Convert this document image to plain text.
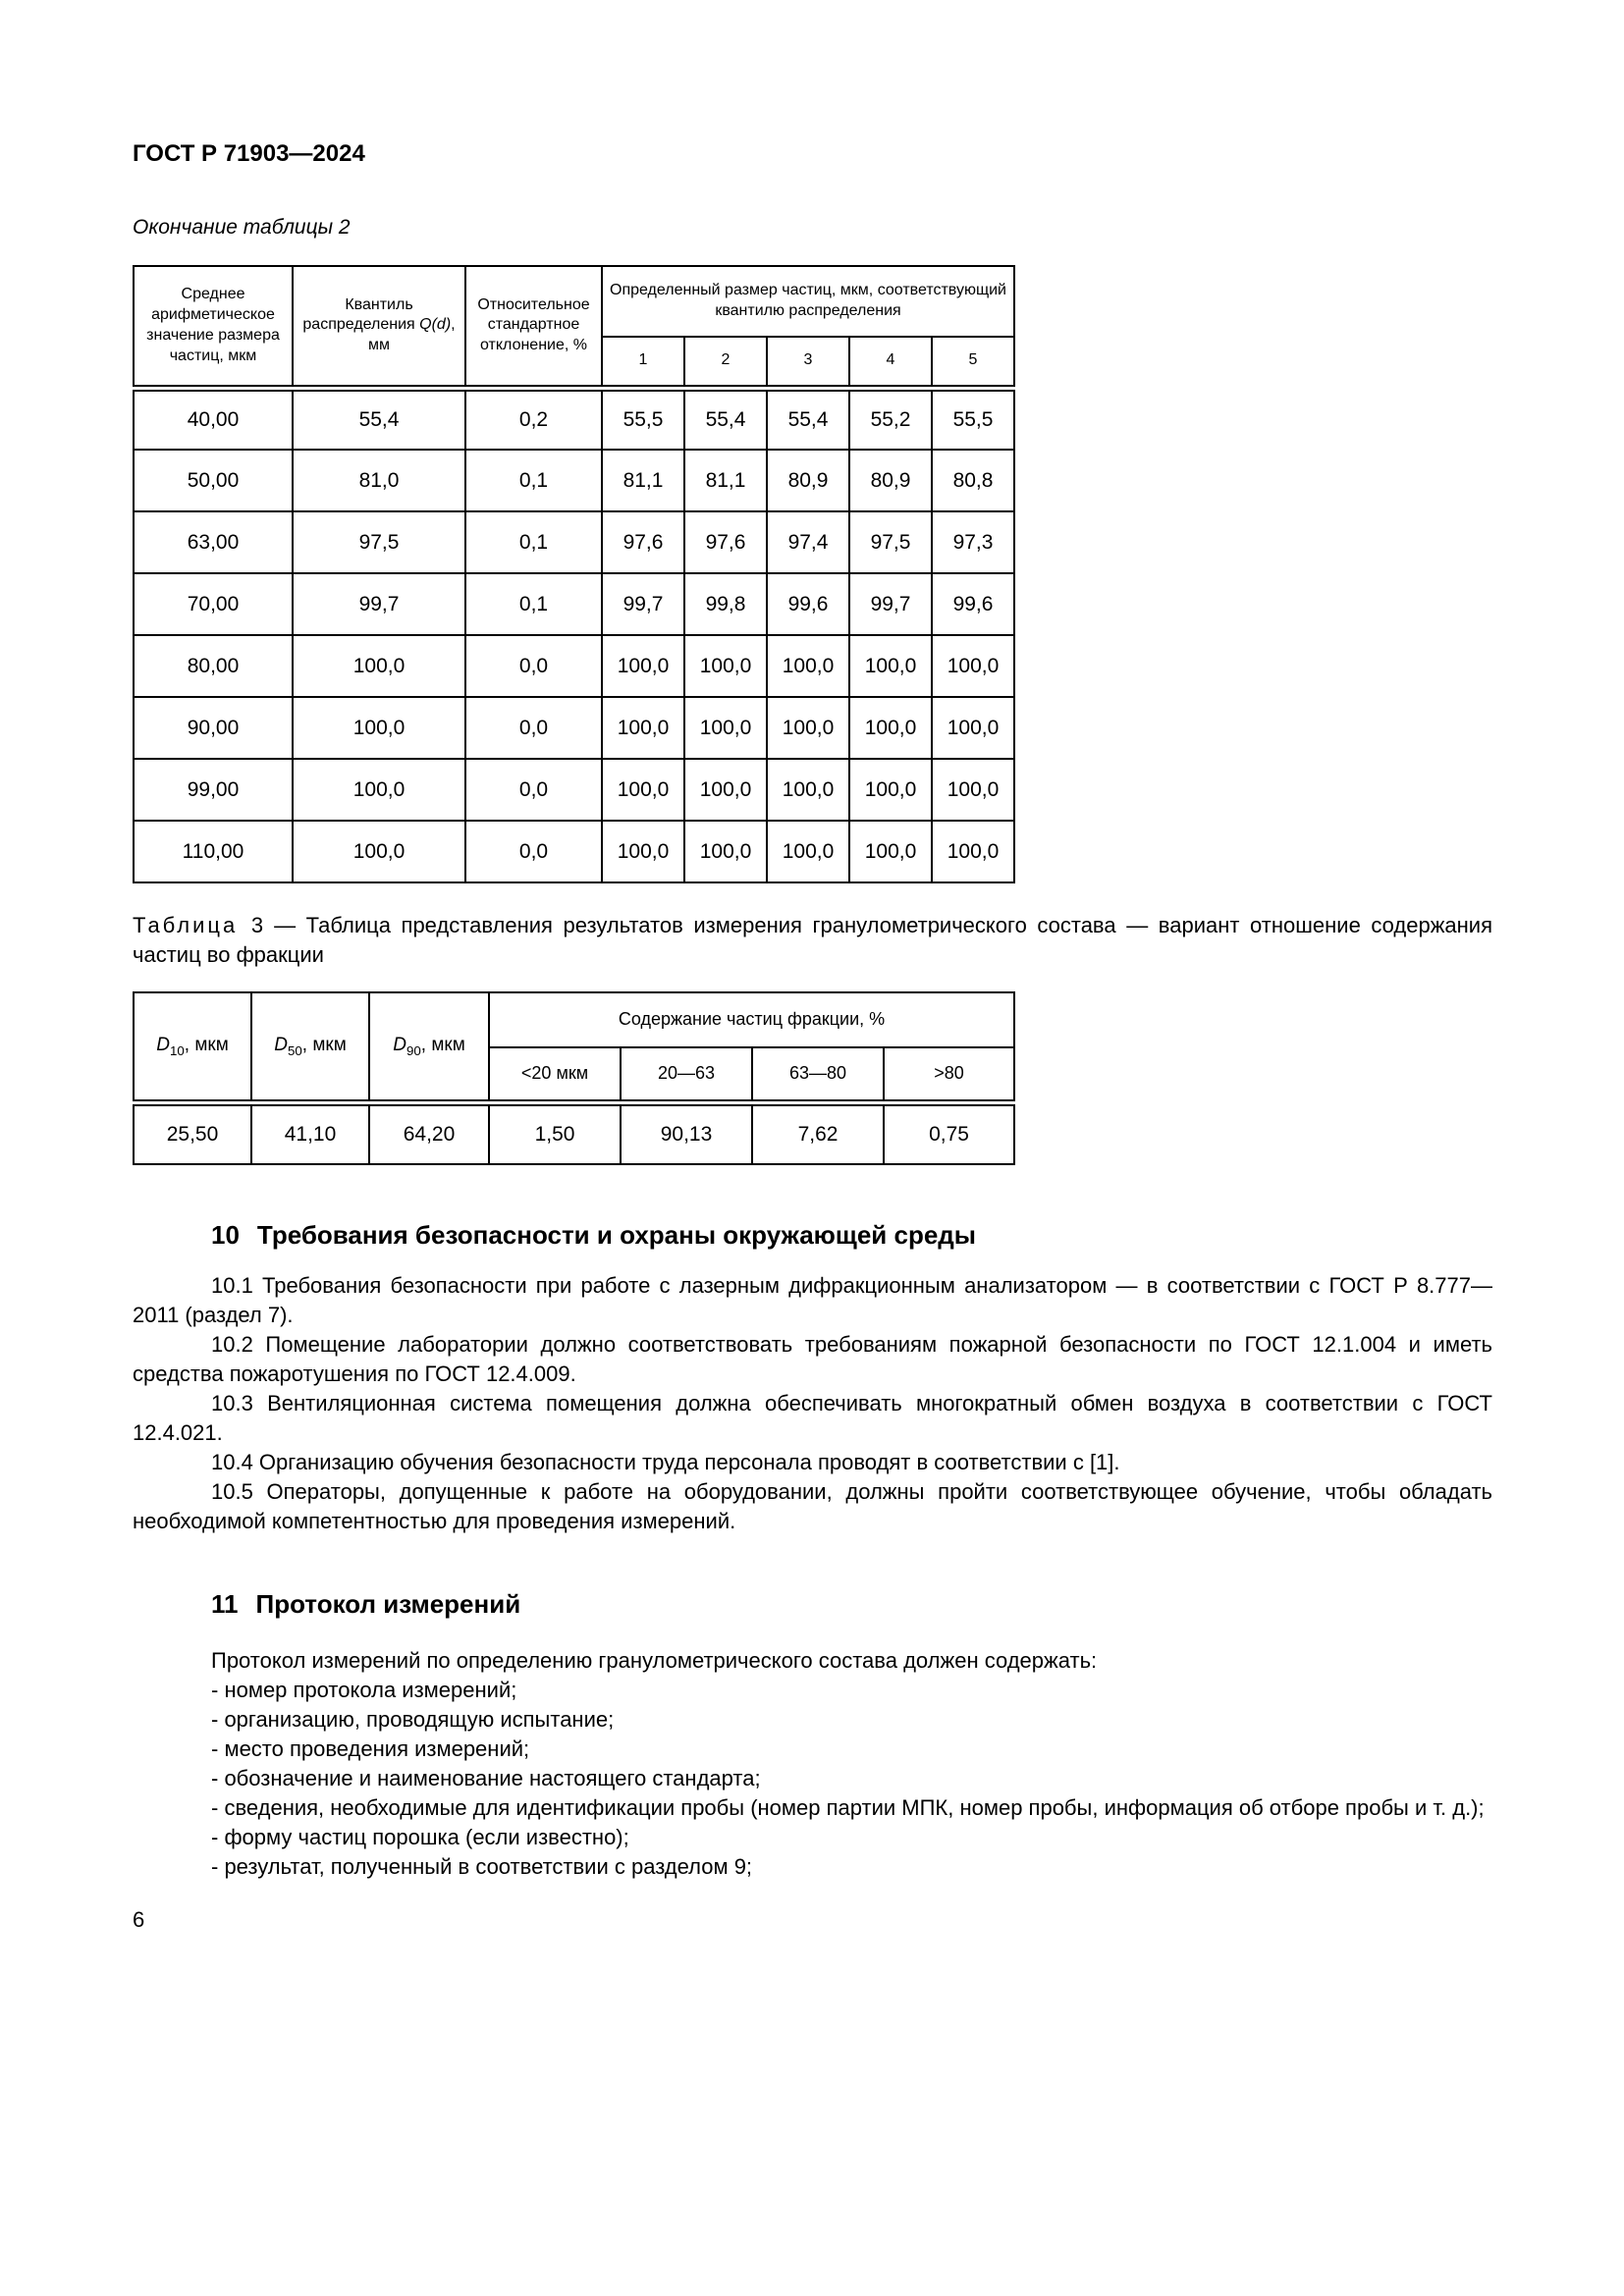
ГОСТ Р 71903—2024
Окончание таблицы 2
Среднее арифметическое значение размера частиц, мкм	Квантиль распределения Q(d), мм	Относительное стандартное отклонение, %	Определенный размер частиц, мкм, соответствующий квантилю распределения				
			1	2	3	4	5
40,00	55,4	0,2	55,5	55,4	55,4	55,2	55,5
50,00	81,0	0,1	81,1	81,1	80,9	80,9	80,8
63,00	97,5	0,1	97,6	97,6	97,4	97,5	97,3
70,00	99,7	0,1	99,7	99,8	99,6	99,7	99,6
80,00	100,0	0,0	100,0	100,0	100,0	100,0	100,0
90,00	100,0	0,0	100,0	100,0	100,0	100,0	100,0
99,00	100,0	0,0	100,0	100,0	100,0	100,0	100,0
110,00	100,0	0,0	100,0	100,0	100,0	100,0	100,0
Таблица 3 — Таблица представления результатов измерения гранулометрического состава — вариант отношение содержания частиц во фракции
$D_{10}$, мкм	$D_{50}$, мкм	$D_{90}$, мкм	Содержание частиц фракции, %			
			<20 мкм	20—63	63—80	>80
25,50	41,10	64,20	1,50	90,13	7,62	0,75
10 Требования безопасности и охраны окружающей среды

10.1 Требования безопасности при работе с лазерным дифракционным анализатором — в соответствии с ГОСТ Р 8.777—2011 (раздел 7).

10.2 Помещение лаборатории должно соответствовать требованиям пожарной безопасности по ГОСТ 12.1.004 и иметь средства пожаротушения по ГОСТ 12.4.009.

10.3 Вентиляционная система помещения должна обеспечивать многократный обмен воздуха в соответствии с ГОСТ 12.4.021.

10.4 Организацию обучения безопасности труда персонала проводят в соответствии с [1].

10.5 Операторы, допущенные к работе на оборудовании, должны пройти соответствующее обучение, чтобы обладать необходимой компетентностью для проведения измерений.

11 Протокол измерений

Протокол измерений по определению гранулометрического состава должен содержать:

- номер протокола измерений;

- организацию, проводящую испытание;

- место проведения измерений;

- обозначение и наименование настоящего стандарта;

- сведения, необходимые для идентификации пробы (номер партии МПК, номер пробы, информация об отборе пробы и т. д.);

- форму частиц порошка (если известно);

- результат, полученный в соответствии с разделом 9;

6
